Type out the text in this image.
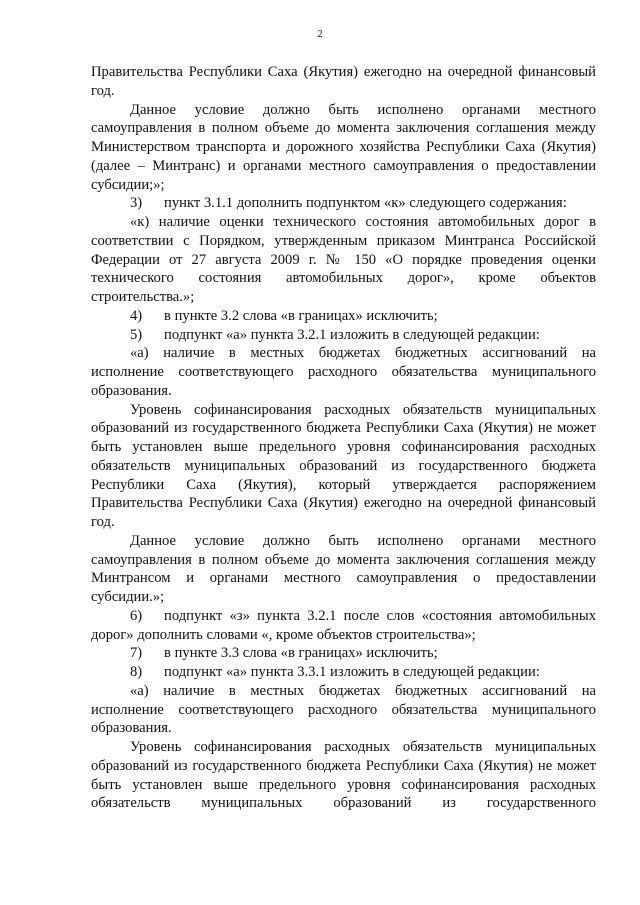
2

Правительства Республики Саха (Якутия) ежегодно на очередной финансовый год.

Данное условие должно быть исполнено органами местного самоуправления в полном объеме до момента заключения соглашения между Министерством транспорта и дорожного хозяйства Республики Саха (Якутия) (далее – Минтранс) и органами местного самоуправления о предоставлении субсидии;»;

3)  пункт 3.1.1 дополнить подпунктом «к» следующего содержания:

«к) наличие оценки технического состояния автомобильных дорог в соответствии с Порядком, утвержденным приказом Минтранса Российской Федерации от 27 августа 2009 г. № 150 «О порядке проведения оценки технического состояния автомобильных дорог», кроме объектов строительства.»;

4)  в пункте 3.2 слова «в границах» исключить;

5)  подпункт «а» пункта 3.2.1 изложить в следующей редакции:

«а) наличие в местных бюджетах бюджетных ассигнований на исполнение соответствующего расходного обязательства муниципального образования.

Уровень софинансирования расходных обязательств муниципальных образований из государственного бюджета Республики Саха (Якутия) не может быть установлен выше предельного уровня софинансирования расходных обязательств муниципальных образований из государственного бюджета Республики Саха (Якутия), который утверждается распоряжением Правительства Республики Саха (Якутия) ежегодно на очередной финансовый год.

Данное условие должно быть исполнено органами местного самоуправления в полном объеме до момента заключения соглашения между Минтрансом и органами местного самоуправления о предоставлении субсидии.»;

6)  подпункт «з» пункта 3.2.1 после слов «состояния автомобильных дорог» дополнить словами «, кроме объектов строительства»;

7)  в пункте 3.3 слова «в границах» исключить;

8)  подпункт «а» пункта 3.3.1 изложить в следующей редакции:

«а) наличие в местных бюджетах бюджетных ассигнований на исполнение соответствующего расходного обязательства муниципального образования.

Уровень софинансирования расходных обязательств муниципальных образований из государственного бюджета Республики Саха (Якутия) не может быть установлен выше предельного уровня софинансирования расходных обязательств муниципальных образований из государственного
